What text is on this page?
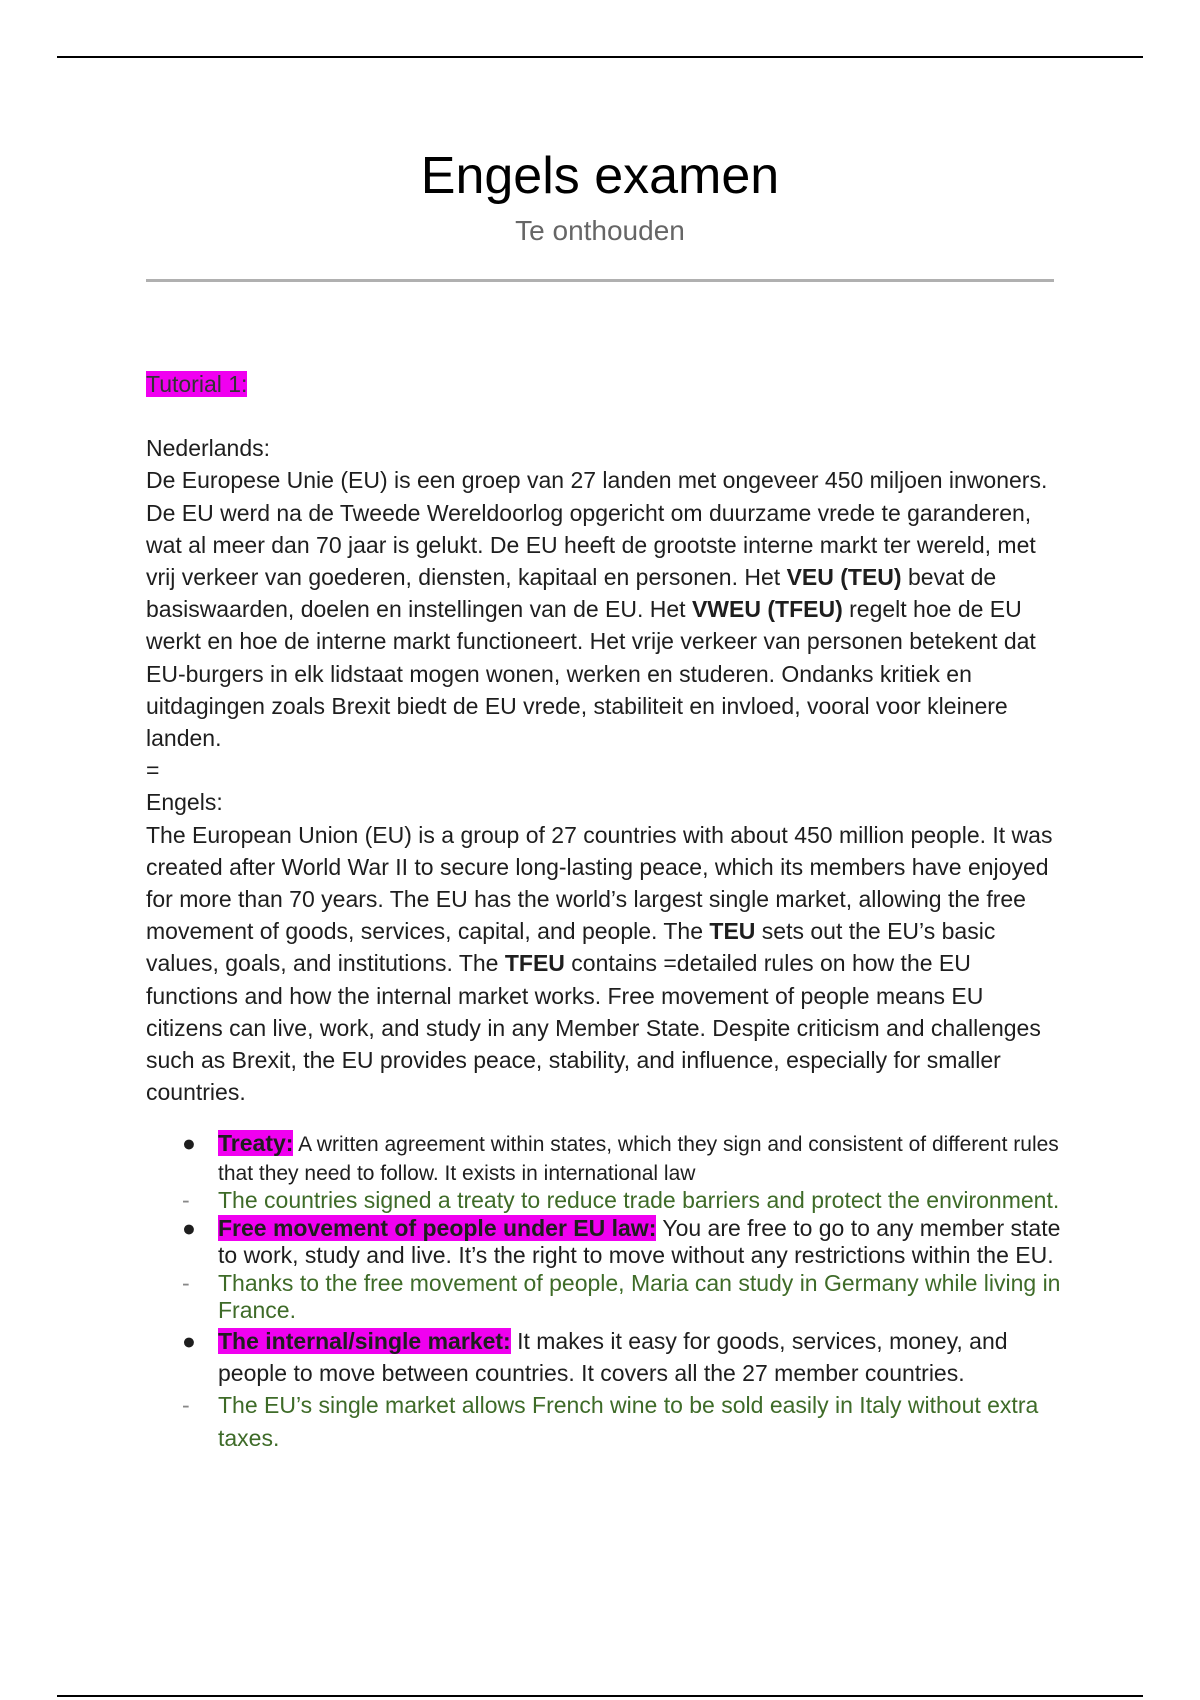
Engels examen
Te onthouden
Tutorial 1:
Nederlands:
De Europese Unie (EU) is een groep van 27 landen met ongeveer 450 miljoen inwoners. De EU werd na de Tweede Wereldoorlog opgericht om duurzame vrede te garanderen, wat al meer dan 70 jaar is gelukt. De EU heeft de grootste interne markt ter wereld, met vrij verkeer van goederen, diensten, kapitaal en personen. Het VEU (TEU) bevat de basiswaarden, doelen en instellingen van de EU. Het VWEU (TFEU) regelt hoe de EU werkt en hoe de interne markt functioneert. Het vrije verkeer van personen betekent dat EU-burgers in elk lidstaat mogen wonen, werken en studeren. Ondanks kritiek en uitdagingen zoals Brexit biedt de EU vrede, stabiliteit en invloed, vooral voor kleinere landen.
=
Engels:
The European Union (EU) is a group of 27 countries with about 450 million people. It was created after World War II to secure long-lasting peace, which its members have enjoyed for more than 70 years. The EU has the world’s largest single market, allowing the free movement of goods, services, capital, and people. The TEU sets out the EU’s basic values, goals, and institutions. The TFEU contains =detailed rules on how the EU functions and how the internal market works. Free movement of people means EU citizens can live, work, and study in any Member State. Despite criticism and challenges such as Brexit, the EU provides peace, stability, and influence, especially for smaller countries.
● Treaty: A written agreement within states, which they sign and consistent of different rules that they need to follow. It exists in international law
- The countries signed a treaty to reduce trade barriers and protect the environment.
● Free movement of people under EU law: You are free to go to any member state to work, study and live. It’s the right to move without any restrictions within the EU.
- Thanks to the free movement of people, Maria can study in Germany while living in France.
● The internal/single market: It makes it easy for goods, services, money, and people to move between countries. It covers all the 27 member countries.
- The EU’s single market allows French wine to be sold easily in Italy without extra taxes.
